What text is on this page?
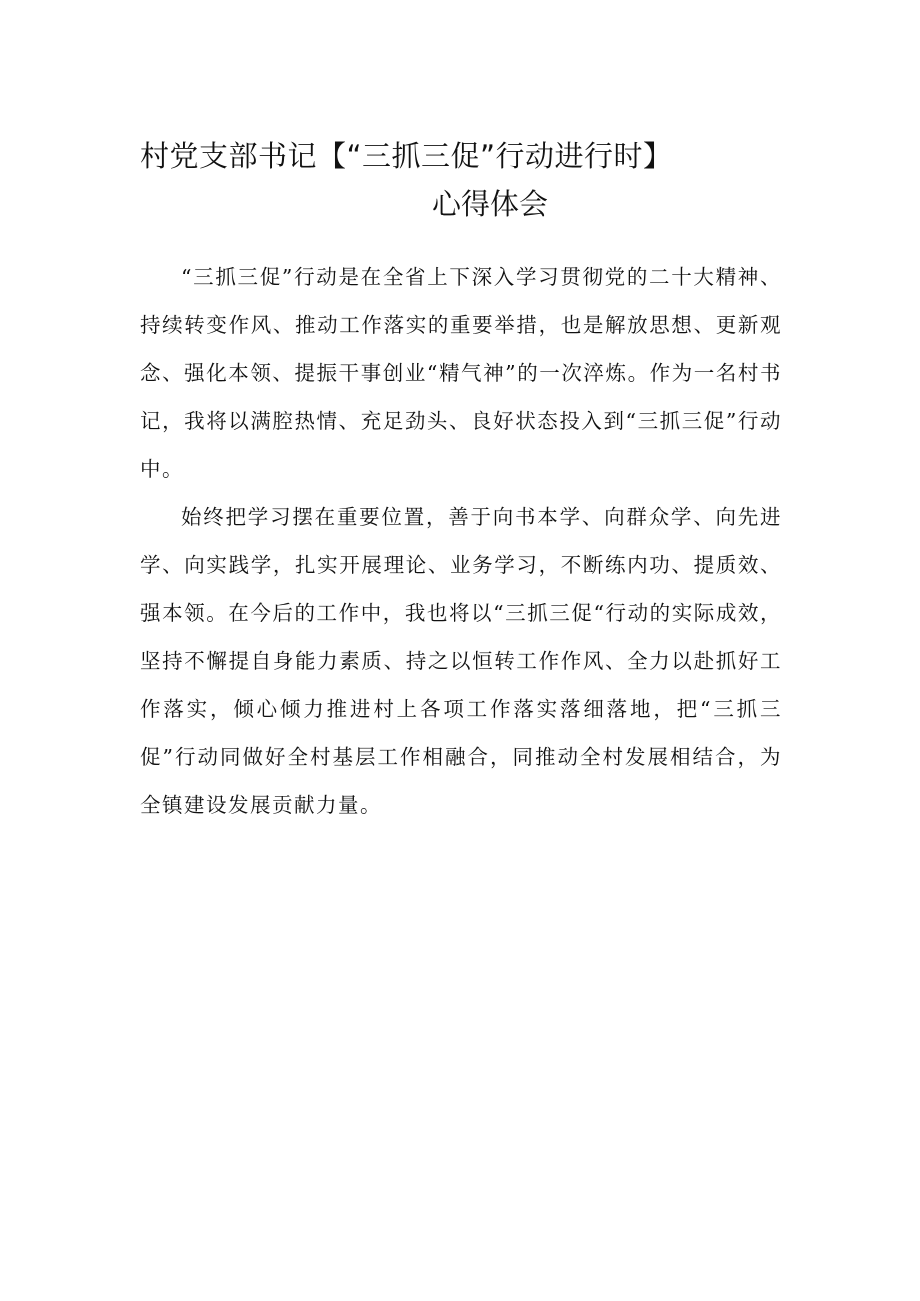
村党支部书记【“三抓三促”行动进行时】
心得体会

“三抓三促”行动是在全省上下深入学习贯彻党的二十大精神、持续转变作风、推动工作落实的重要举措，也是解放思想、更新观念、强化本领、提振干事创业“精气神”的一次淬炼。作为一名村书记，我将以满腔热情、充足劲头、良好状态投入到“三抓三促”行动中。

始终把学习摆在重要位置，善于向书本学、向群众学、向先进学、向实践学，扎实开展理论、业务学习，不断练内功、提质效、强本领。在今后的工作中，我也将以“三抓三促“行动的实际成效，坚持不懈提自身能力素质、持之以恒转工作作风、全力以赴抓好工作落实，倾心倾力推进村上各项工作落实落细落地，把“三抓三促”行动同做好全村基层工作相融合，同推动全村发展相结合，为全镇建设发展贡献力量。
